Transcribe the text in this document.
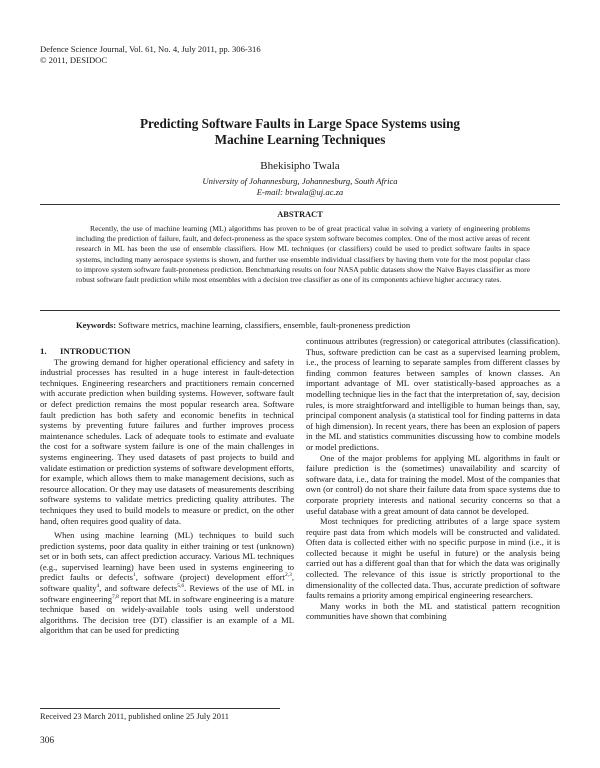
Defence Science Journal, Vol. 61, No. 4, July 2011, pp. 306-316
© 2011, DESIDOC
Predicting Software Faults in Large Space Systems using
Machine Learning Techniques
Bhekisipho Twala
University of Johannesburg, Johannesburg, South Africa
E-mail: btwala@uj.ac.za
ABSTRACT
Recently, the use of machine learning (ML) algorithms has proven to be of great practical value in solving a variety of engineering problems including the prediction of failure, fault, and defect-proneness as the space system software becomes complex. One of the most active areas of recent research in ML has been the use of ensemble classifiers. How ML techniques (or classifiers) could be used to predict software faults in space systems, including many aerospace systems is shown, and further use ensemble individual classifiers by having them vote for the most popular class to improve system software fault-proneness prediction. Benchmarking results on four NASA public datasets show the Naive Bayes classifier as more robust software fault prediction while most ensembles with a decision tree classifier as one of its components achieve higher accuracy rates.
Keywords: Software metrics, machine learning, classifiers, ensemble, fault-proneness prediction

1. INTRODUCTION

The growing demand for higher operational efficiency and safety in industrial processes has resulted in a huge interest in fault-detection techniques. Engineering researchers and practitioners remain concerned with accurate prediction when building systems. However, software fault or defect prediction remains the most popular research area. Software fault prediction has both safety and economic benefits in technical systems by preventing future failures and further improves process maintenance schedules. Lack of adequate tools to estimate and evaluate the cost for a software system failure is one of the main challenges in systems engineering. They used datasets of past projects to build and validate estimation or prediction systems of software development efforts, for example, which allows them to make management decisions, such as resource allocation. Or they may use datasets of measurements describing software systems to validate metrics predicting quality attributes. The techniques they used to build models to measure or predict, on the other hand, often requires good quality of data.

When using machine learning (ML) techniques to build such prediction systems, poor data quality in either training or test (unknown) set or in both sets, can affect prediction accuracy. Various ML techniques (e.g., supervised learning) have been used in systems engineering to predict faults or defects$^1$, software (project) development effort$^{2,3}$, software quality$^4$, and software defects$^{5,6}$. Reviews of the use of ML in software engineering$^{7,8}$ report that ML in software engineering is a mature technique based on widely-available tools using well understood algorithms. The decision tree (DT) classifier is an example of a ML algorithm that can be used for predicting

continuous attributes (regression) or categorical attributes (classification). Thus, software prediction can be cast as a supervised learning problem, i.e., the process of learning to separate samples from different classes by finding common features between samples of known classes. An important advantage of ML over statistically-based approaches as a modelling technique lies in the fact that the interpretation of, say, decision rules, is more straightforward and intelligible to human beings than, say, principal component analysis (a statistical tool for finding patterns in data of high dimension). In recent years, there has been an explosion of papers in the ML and statistics communities discussing how to combine models or model predictions.

One of the major problems for applying ML algorithms in fault or failure prediction is the (sometimes) unavailability and scarcity of software data, i.e., data for training the model. Most of the companies that own (or control) do not share their failure data from space systems due to corporate propriety interests and national security concerns so that a useful database with a great amount of data cannot be developed.

Most techniques for predicting attributes of a large space system require past data from which models will be constructed and validated. Often data is collected either with no specific purpose in mind (i.e., it is collected because it might be useful in future) or the analysis being carried out has a different goal than that for which the data was originally collected. The relevance of this issue is strictly proportional to the dimensionality of the collected data. Thus, accurate prediction of software faults remains a priority among empirical engineering researchers.

Many works in both the ML and statistical pattern recognition communities have shown that combining

Received 23 March 2011, published online 25 July 2011
306
